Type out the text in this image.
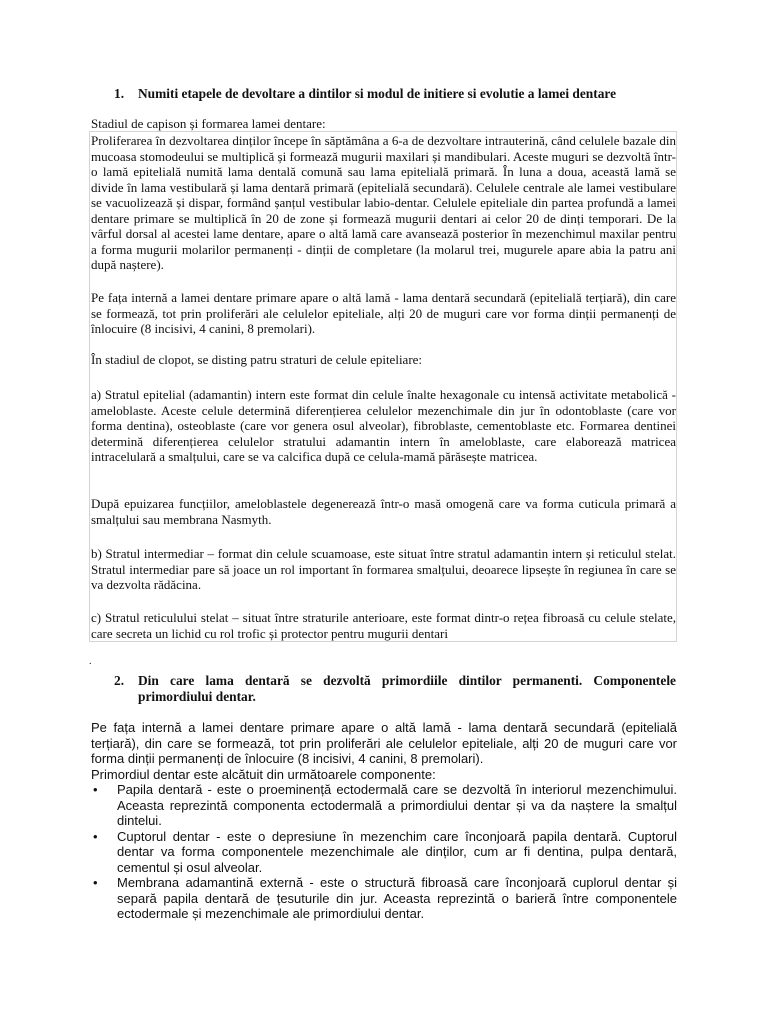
1.	Numiti etapele de devoltare a dintilor si modul de initiere si evolutie a lamei dentare

Stadiul de capison și formarea lamei dentare:

Proliferarea în dezvoltarea dinților începe în săptămâna a 6-a de dezvoltare intrauterină, când celulele bazale din mucoasa stomodeului se multiplică și formează mugurii maxilari și mandibulari. Aceste muguri se dezvoltă într-o lamă epitelială numită lama dentală comună sau lama epitelială primară. În luna a doua, această lamă se divide în lama vestibulară și lama dentară primară (epitelială secundară). Celulele centrale ale lamei vestibulare se vacuolizează și dispar, formând șanțul vestibular labio-dentar. Celulele epiteliale din partea profundă a lamei dentare primare se multiplică în 20 de zone și formează mugurii dentari ai celor 20 de dinți temporari. De la vârful dorsal al acestei lame dentare, apare o altă lamă care avansează posterior în mezenchimul maxilar pentru a forma mugurii molarilor permanenți - dinții de completare (la molarul trei, mugurele apare abia la patru ani după naștere).

Pe fața internă a lamei dentare primare apare o altă lamă - lama dentară secundară (epitelială terțiară), din care se formează, tot prin proliferări ale celulelor epiteliale, alți 20 de muguri care vor forma dinții permanenți de înlocuire (8 incisivi, 4 canini, 8 premolari).

În stadiul de clopot, se disting patru straturi de celule epiteliare:

a) Stratul epitelial (adamantin) intern este format din celule înalte hexagonale cu intensă activitate metabolică - ameloblaste. Aceste celule determină diferențierea celulelor mezenchimale din jur în odontoblaste (care vor forma dentina), osteoblaste (care vor genera osul alveolar), fibroblaste, cementoblaste etc. Formarea dentinei determină diferențierea celulelor stratului adamantin intern în ameloblaste, care elaborează matricea intracelulară a smalțului, care se va calcifica după ce celula-mamă părăsește matricea.

După epuizarea funcțiilor, ameloblastele degenerează într-o masă omogenă care va forma cuticula primară a smalțului sau membrana Nasmyth.

b) Stratul intermediar – format din celule scuamoase, este situat între stratul adamantin intern și reticulul stelat. Stratul intermediar pare să joace un rol important în formarea smalțului, deoarece lipsește în regiunea în care se va dezvolta rădăcina.

c) Stratul reticulului stelat – situat între straturile anterioare, este format dintr-o rețea fibroasă cu celule stelate, care secreta un lichid cu rol trofic și protector pentru mugurii dentari

.
2.	Din care lama dentară se dezvoltă primordiile dintilor permanenti. Componentele primordiului dentar.

Pe fața internă a lamei dentare primare apare o altă lamă - lama dentară secundară (epitelială terțiară), din care se formează, tot prin proliferări ale celulelor epiteliale, alți 20 de muguri care vor forma dinții permanenți de înlocuire (8 incisivi, 4 canini, 8 premolari).

Primordiul dentar este alcătuit din următoarele componente:

•	Papila dentară - este o proeminență ectodermală care se dezvoltă în interiorul mezenchimului. Aceasta reprezintă componenta ectodermală a primordiului dentar și va da naștere la smalțul dintelui.
•	Cuptorul dentar - este o depresiune în mezenchim care înconjoară papila dentară. Cuptorul dentar va forma componentele mezenchimale ale dinților, cum ar fi dentina, pulpa dentară, cementul și osul alveolar.
•	Membrana adamantină externă - este o structură fibroasă care înconjoară cuplorul dentar și separă papila dentară de țesuturile din jur. Aceasta reprezintă o barieră între componentele ectodermale și mezenchimale ale primordiului dentar.
